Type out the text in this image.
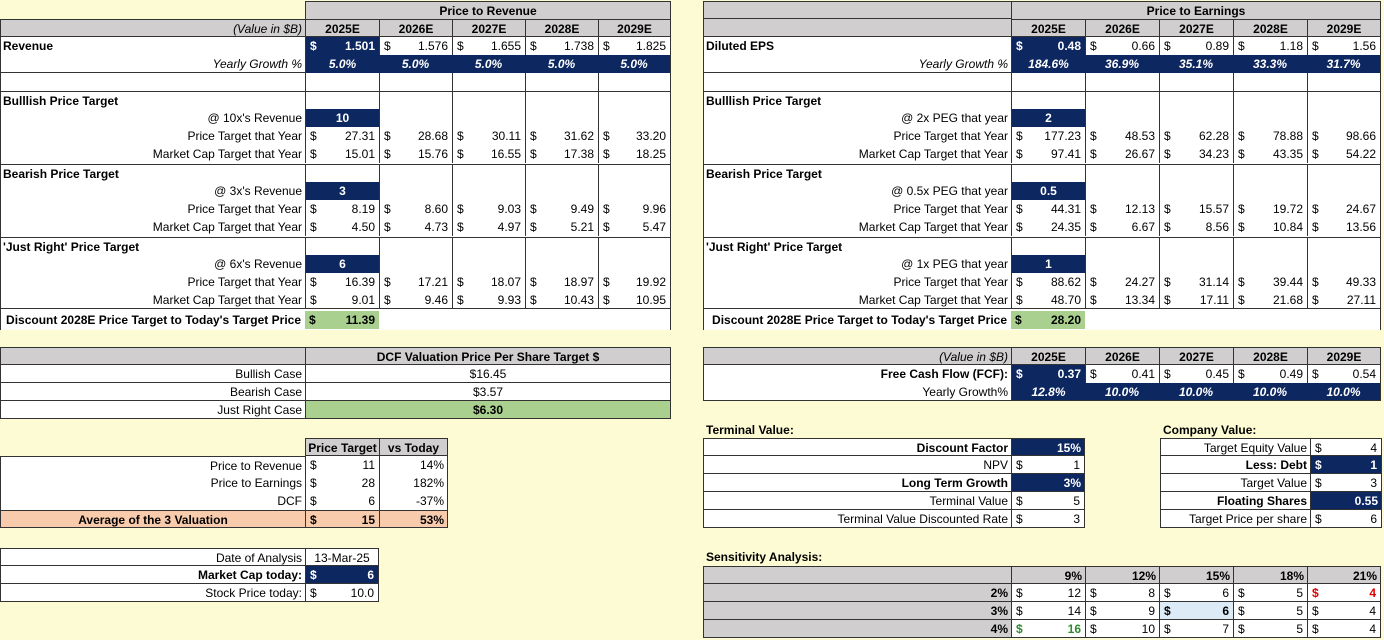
Price to Revenue
(Value in $B)	2025E	2026E	2027E	2028E	2029E
Revenue	$ 1.501 $ 1.576 $ 1.655 $ 1.738 $ 1.825
Yearly Growth %	5.0%	5.0%	5.0%	5.0%	5.0%
Bulllish Price Target
@ 10x's Revenue	10
Price Target that Year $ 27.31 $ 28.68 $ 30.11 $ 31.62 $ 33.20
Market Cap Target that Year $ 15.01 $ 15.76 $ 16.55 $ 17.38 $ 18.25
Bearish Price Target
@ 3x's Revenue	3
Price Target that Year $	8.19 $	8.60 $	9.03 $	9.49 $	9.96
Market Cap Target that Year $	4.50 $	4.73 $	4.97 $	5.21 $	5.47
'Just Right' Price Target
@ 6x's Revenue	6
Price Target that Year $ 16.39 $ 17.21 $ 18.07 $ 18.97 $ 19.92
Market Cap Target that Year $	9.01 $	9.46 $	9.93 $ 10.43 $ 10.95
Discount 2028E Price Target to Today's Target Price $ 11.39
Price to Earnings
2025E	2026E	2027E	2028E	2029E
Diluted EPS	$	0.48 $	0.66 $	0.89 $	1.18 $	1.56
Yearly Growth %	184.6%	36.9%	35.1%	33.3%	31.7%
Bulllish Price Target
@ 2x PEG that year	2
Price Target that Year $ 177.23 $ 48.53 $ 62.28 $ 78.88 $ 98.66
Market Cap Target that Year $ 97.41 $ 26.67 $ 34.23 $ 43.35 $ 54.22
Bearish Price Target
@ 0.5x PEG that year	0.5
Price Target that Year $ 44.31 $ 12.13 $ 15.57 $ 19.72 $ 24.67
Market Cap Target that Year $ 24.35 $	6.67 $	8.56 $ 10.84 $ 13.56
'Just Right' Price Target
@ 1x PEG that year	1
Price Target that Year $ 88.62 $ 24.27 $ 31.14 $ 39.44 $ 49.33
Market Cap Target that Year $ 48.70 $ 13.34 $ 17.11 $ 21.68 $ 27.11
Discount 2028E Price Target to Today's Target Price $ 28.20
DCF Valuation Price Per Share Target $
Bullish Case	$16.45
Bearish Case	$3.57
Just Right Case	$6.30
Price Target vs Today
Price to Revenue $	11	14%
Price to Earnings $	28	182%
DCF $	6	-37%
Average of the 3 Valuation	$	15	53%
Date of Analysis	13-Mar-25
Market Cap today: $	6
Stock Price today: $	10.0
(Value in $B)	2025E	2026E	2027E	2028E	2029E
Free Cash Flow (FCF): $	0.37 $	0.41 $	0.45 $	0.49 $	0.54
Yearly Growth%	12.8%	10.0%	10.0%	10.0%	10.0%
Terminal Value:
Discount Factor	15%
NPV $	1
Long Term Growth	3%
Terminal Value $	5
Terminal Value Discounted Rate $	3
Company Value:
Target Equity Value $	4
Less: Debt $	1
Target Value $	3
Floating Shares	0.55
Target Price per share $	6
Sensitivity Analysis:
9%	12%	15%	18%	21%
2% $	12 $	8 $	6 $	5 $	4
3% $	14 $	9 $	6 $	5 $	4
4% $	16 $	10 $	7 $	5 $	4
